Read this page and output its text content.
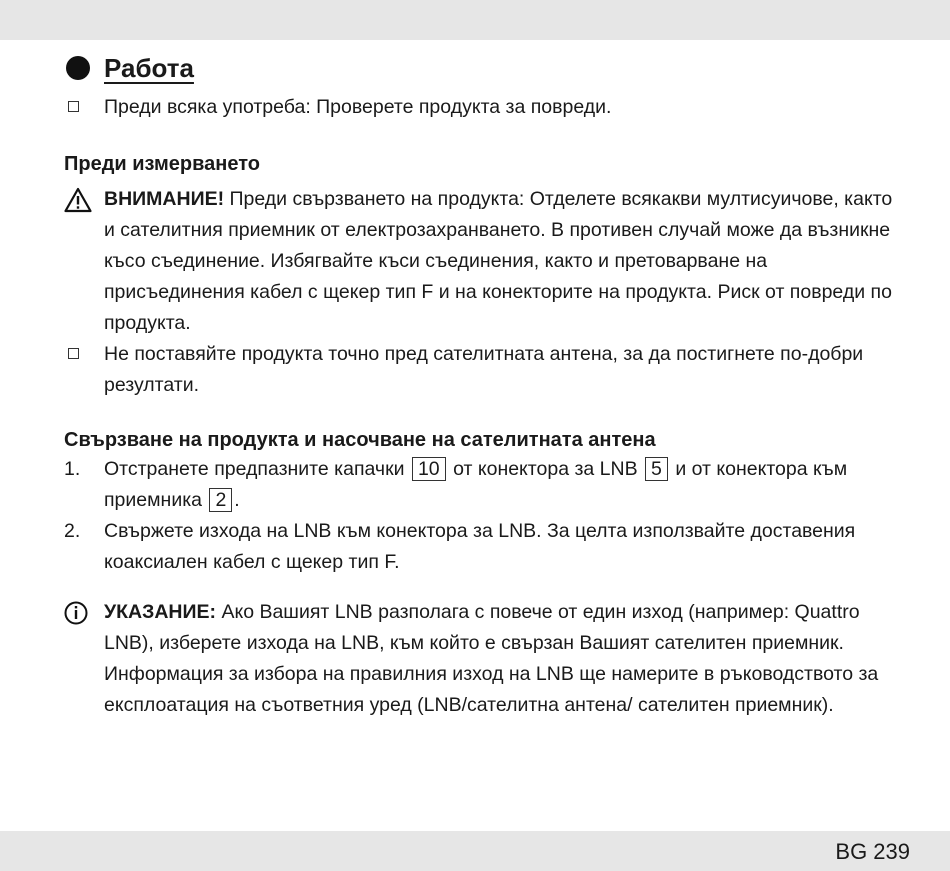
Работа
Преди всяка употреба: Проверете продукта за повреди.
Преди измерването
ВНИМАНИЕ! Преди свързването на продукта: Отделете всякакви мултисуичове, както и сателитния приемник от електрозахранването. В противен случай може да възникне късо съединение. Избягвайте къси съединения, както и претоварване на присъединения кабел с щекер тип F и на конекторите на продукта. Риск от повреди по продукта.
Не поставяйте продукта точно пред сателитната антена, за да постигнете по-добри резултати.
Свързване на продукта и насочване на сателитната антена
1. Отстранете предпазните капачки 10 от конектора за LNB 5 и от конектора към приемника 2 .
2. Свържете изхода на LNB към конектора за LNB. За целта използвайте доставения коаксиален кабел с щекер тип F.
УКАЗАНИЕ: Ако Вашият LNB разполага с повече от един изход (например: Quattro LNB), изберете изхода на LNB, към който е свързан Вашият сателитен приемник. Информация за избора на правилния изход на LNB ще намерите в ръководството за експлоатация на съответния уред (LNB/сателитна антена/ сателитен приемник).
BG 239
